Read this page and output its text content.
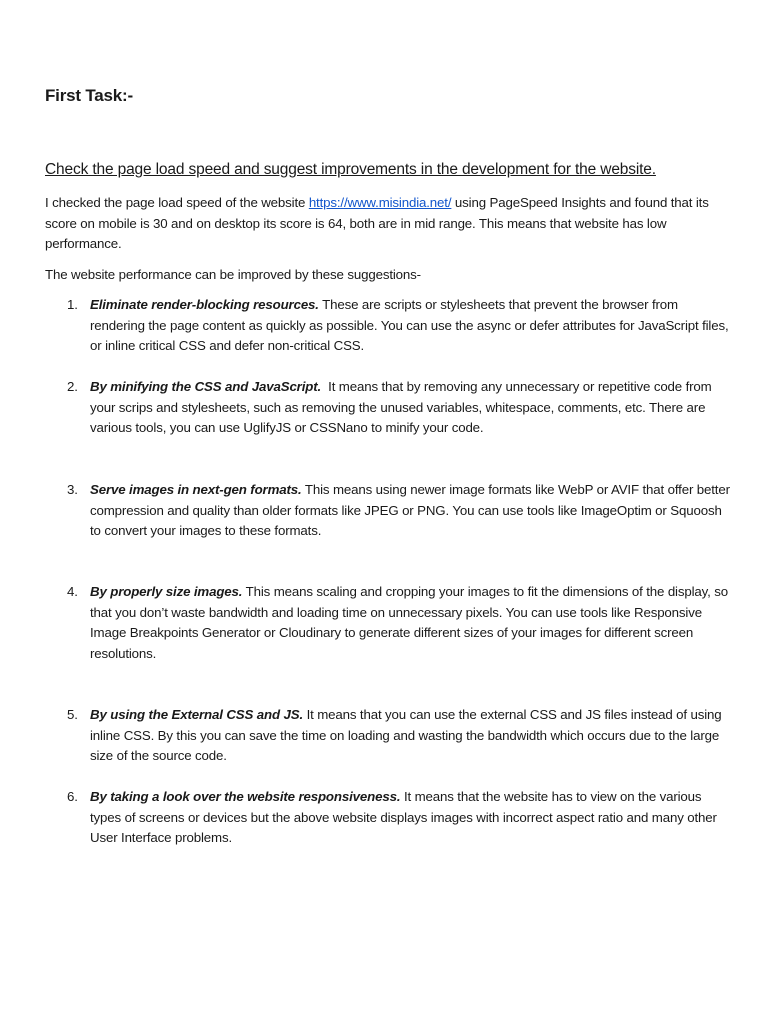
First Task:-
Check the page load speed and suggest improvements in the development for the website.
I checked the page load speed of the website https://www.misindia.net/ using PageSpeed Insights and found that its score on mobile is 30 and on desktop its score is 64, both are in mid range. This means that website has low performance.
The website performance can be improved by these suggestions-
1. Eliminate render-blocking resources. These are scripts or stylesheets that prevent the browser from rendering the page content as quickly as possible. You can use the async or defer attributes for JavaScript files, or inline critical CSS and defer non-critical CSS.
2. By minifying the CSS and JavaScript.  It means that by removing any unnecessary or repetitive code from your scrips and stylesheets, such as removing the unused variables, whitespace, comments, etc. There are various tools, you can use UglifyJS or CSSNano to minify your code.
3. Serve images in next-gen formats. This means using newer image formats like WebP or AVIF that offer better compression and quality than older formats like JPEG or PNG. You can use tools like ImageOptim or Squoosh to convert your images to these formats.
4. By properly size images. This means scaling and cropping your images to fit the dimensions of the display, so that you don’t waste bandwidth and loading time on unnecessary pixels. You can use tools like Responsive Image Breakpoints Generator or Cloudinary to generate different sizes of your images for different screen resolutions.
5. By using the External CSS and JS. It means that you can use the external CSS and JS files instead of using inline CSS. By this you can save the time on loading and wasting the bandwidth which occurs due to the large size of the source code.
6. By taking a look over the website responsiveness. It means that the website has to view on the various types of screens or devices but the above website displays images with incorrect aspect ratio and many other User Interface problems.
